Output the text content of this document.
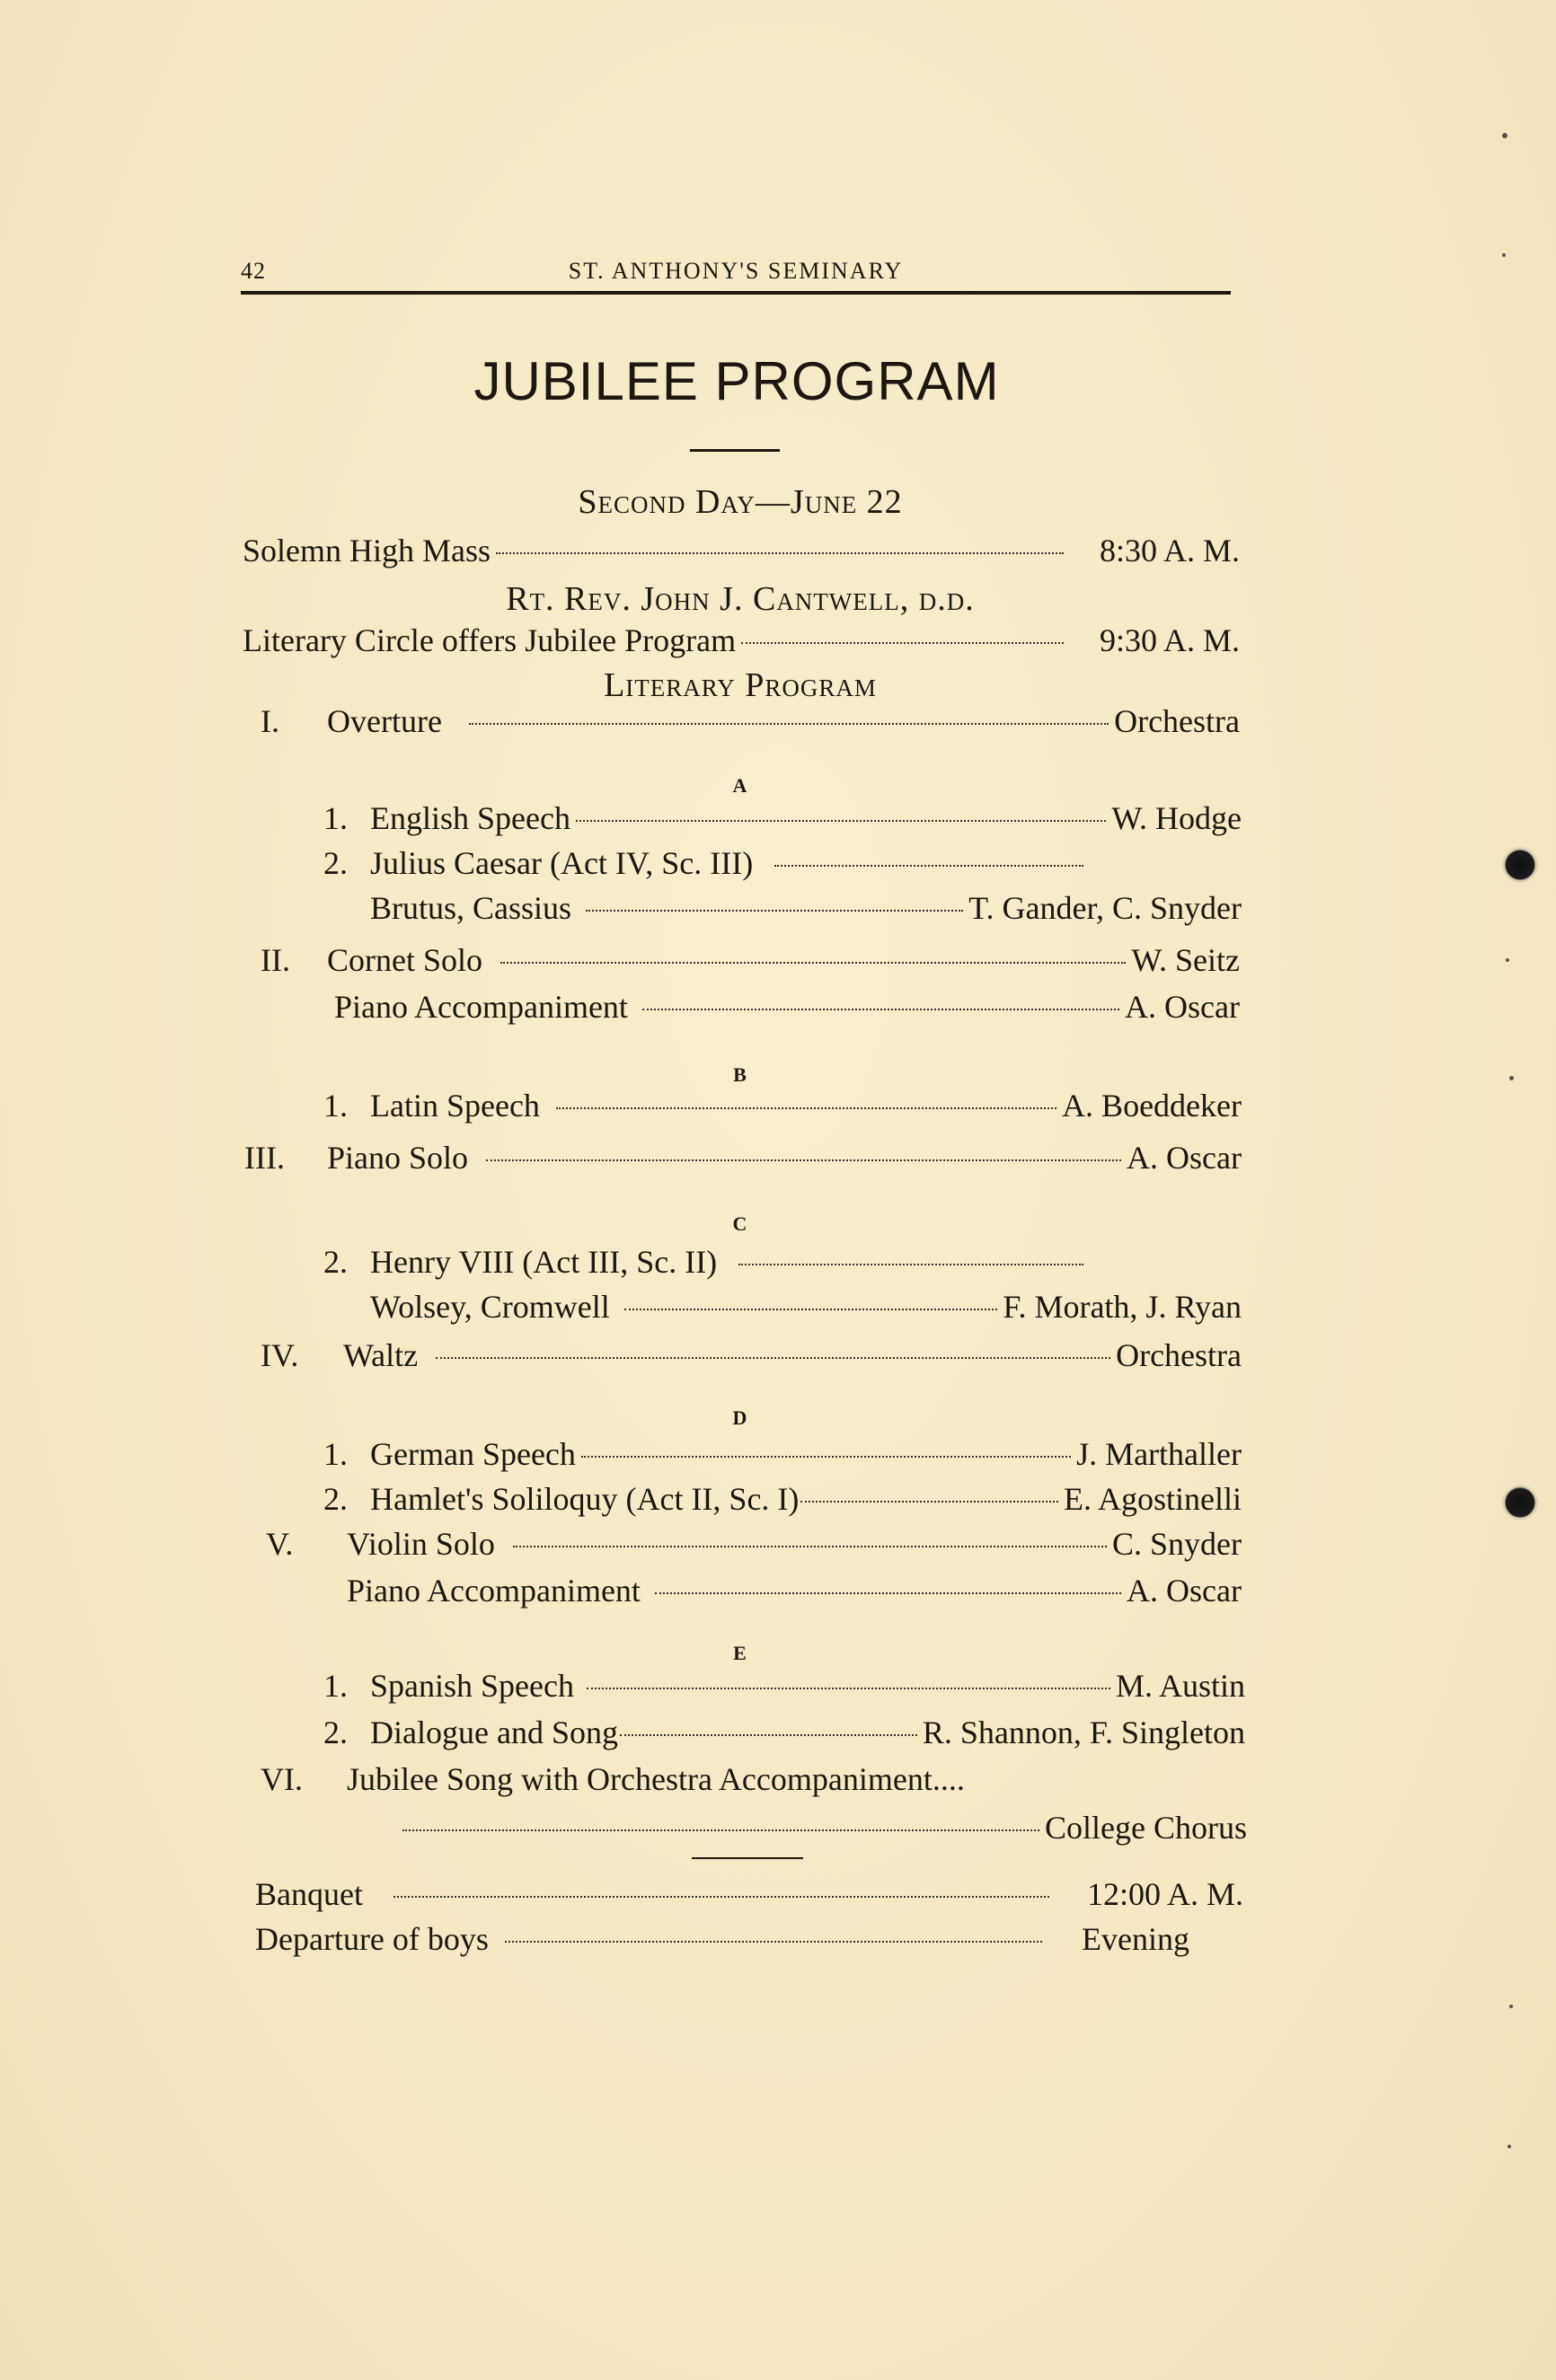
42	ST. ANTHONY'S SEMINARY
JUBILEE PROGRAM
Second Day—June 22
Solemn High Mass	8:30 A. M.
Rt. Rev. John J. Cantwell, d.d.
Literary Circle offers Jubilee Program	9:30 A. M.
Literary Program
I.	Overture	Orchestra
A
1. English Speech	W. Hodge
2. Julius Caesar (Act IV, Sc. III)
Brutus, Cassius	T. Gander, C. Snyder
II.	Cornet Solo	W. Seitz
Piano Accompaniment	A. Oscar
B
1. Latin Speech	A. Boeddeker
III.	Piano Solo	A. Oscar
C
2. Henry VIII (Act III, Sc. II)
Wolsey, Cromwell	F. Morath, J. Ryan
IV.	Waltz	Orchestra
D
1. German Speech	J. Marthaller
2. Hamlet's Soliloquy (Act II, Sc. I)	E. Agostinelli
V.	Violin Solo	C. Snyder
Piano Accompaniment	A. Oscar
E
1. Spanish Speech	M. Austin
2. Dialogue and Song	R. Shannon, F. Singleton
VI.	Jubilee Song with Orchestra Accompaniment....
College Chorus
Banquet	12:00 A. M.
Departure of boys	Evening
